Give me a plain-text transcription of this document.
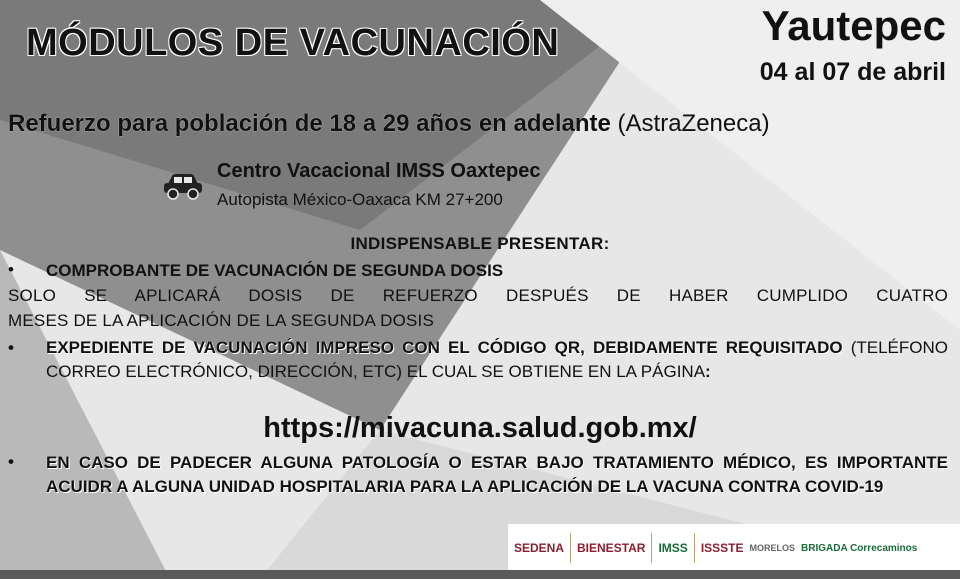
MÓDULOS DE VACUNACIÓN	Yautepec
04 al 07 de abril
Refuerzo para población de 18 a 29 años en adelante (AstraZeneca)
Centro Vacacional IMSS Oaxtepec
Autopista México-Oaxaca KM 27+200
INDISPENSABLE PRESENTAR:
• COMPROBANTE DE VACUNACIÓN DE SEGUNDA DOSIS
SOLO SE APLICARÁ DOSIS DE REFUERZO DESPUÉS DE HABER CUMPLIDO CUATRO
MESES DE LA APLICACIÓN DE LA SEGUNDA DOSIS
• EXPEDIENTE DE VACUNACIÓN IMPRESO CON EL CÓDIGO QR, DEBIDAMENTE REQUISITADO (TELÉFONO CORREO ELECTRÓNICO, DIRECCIÓN, ETC) EL CUAL SE OBTIENE EN LA PÁGINA:
https://mivacuna.salud.gob.mx/
• EN CASO DE PADECER ALGUNA PATOLOGÍA O ESTAR BAJO TRATAMIENTO MÉDICO, ES IMPORTANTE ACUIDR A ALGUNA UNIDAD HOSPITALARIA PARA LA APLICACIÓN DE LA VACUNA CONTRA COVID-19
SEDENA BIENESTAR IMSS ISSSTE MORELOS BRIGADA Correcaminos
